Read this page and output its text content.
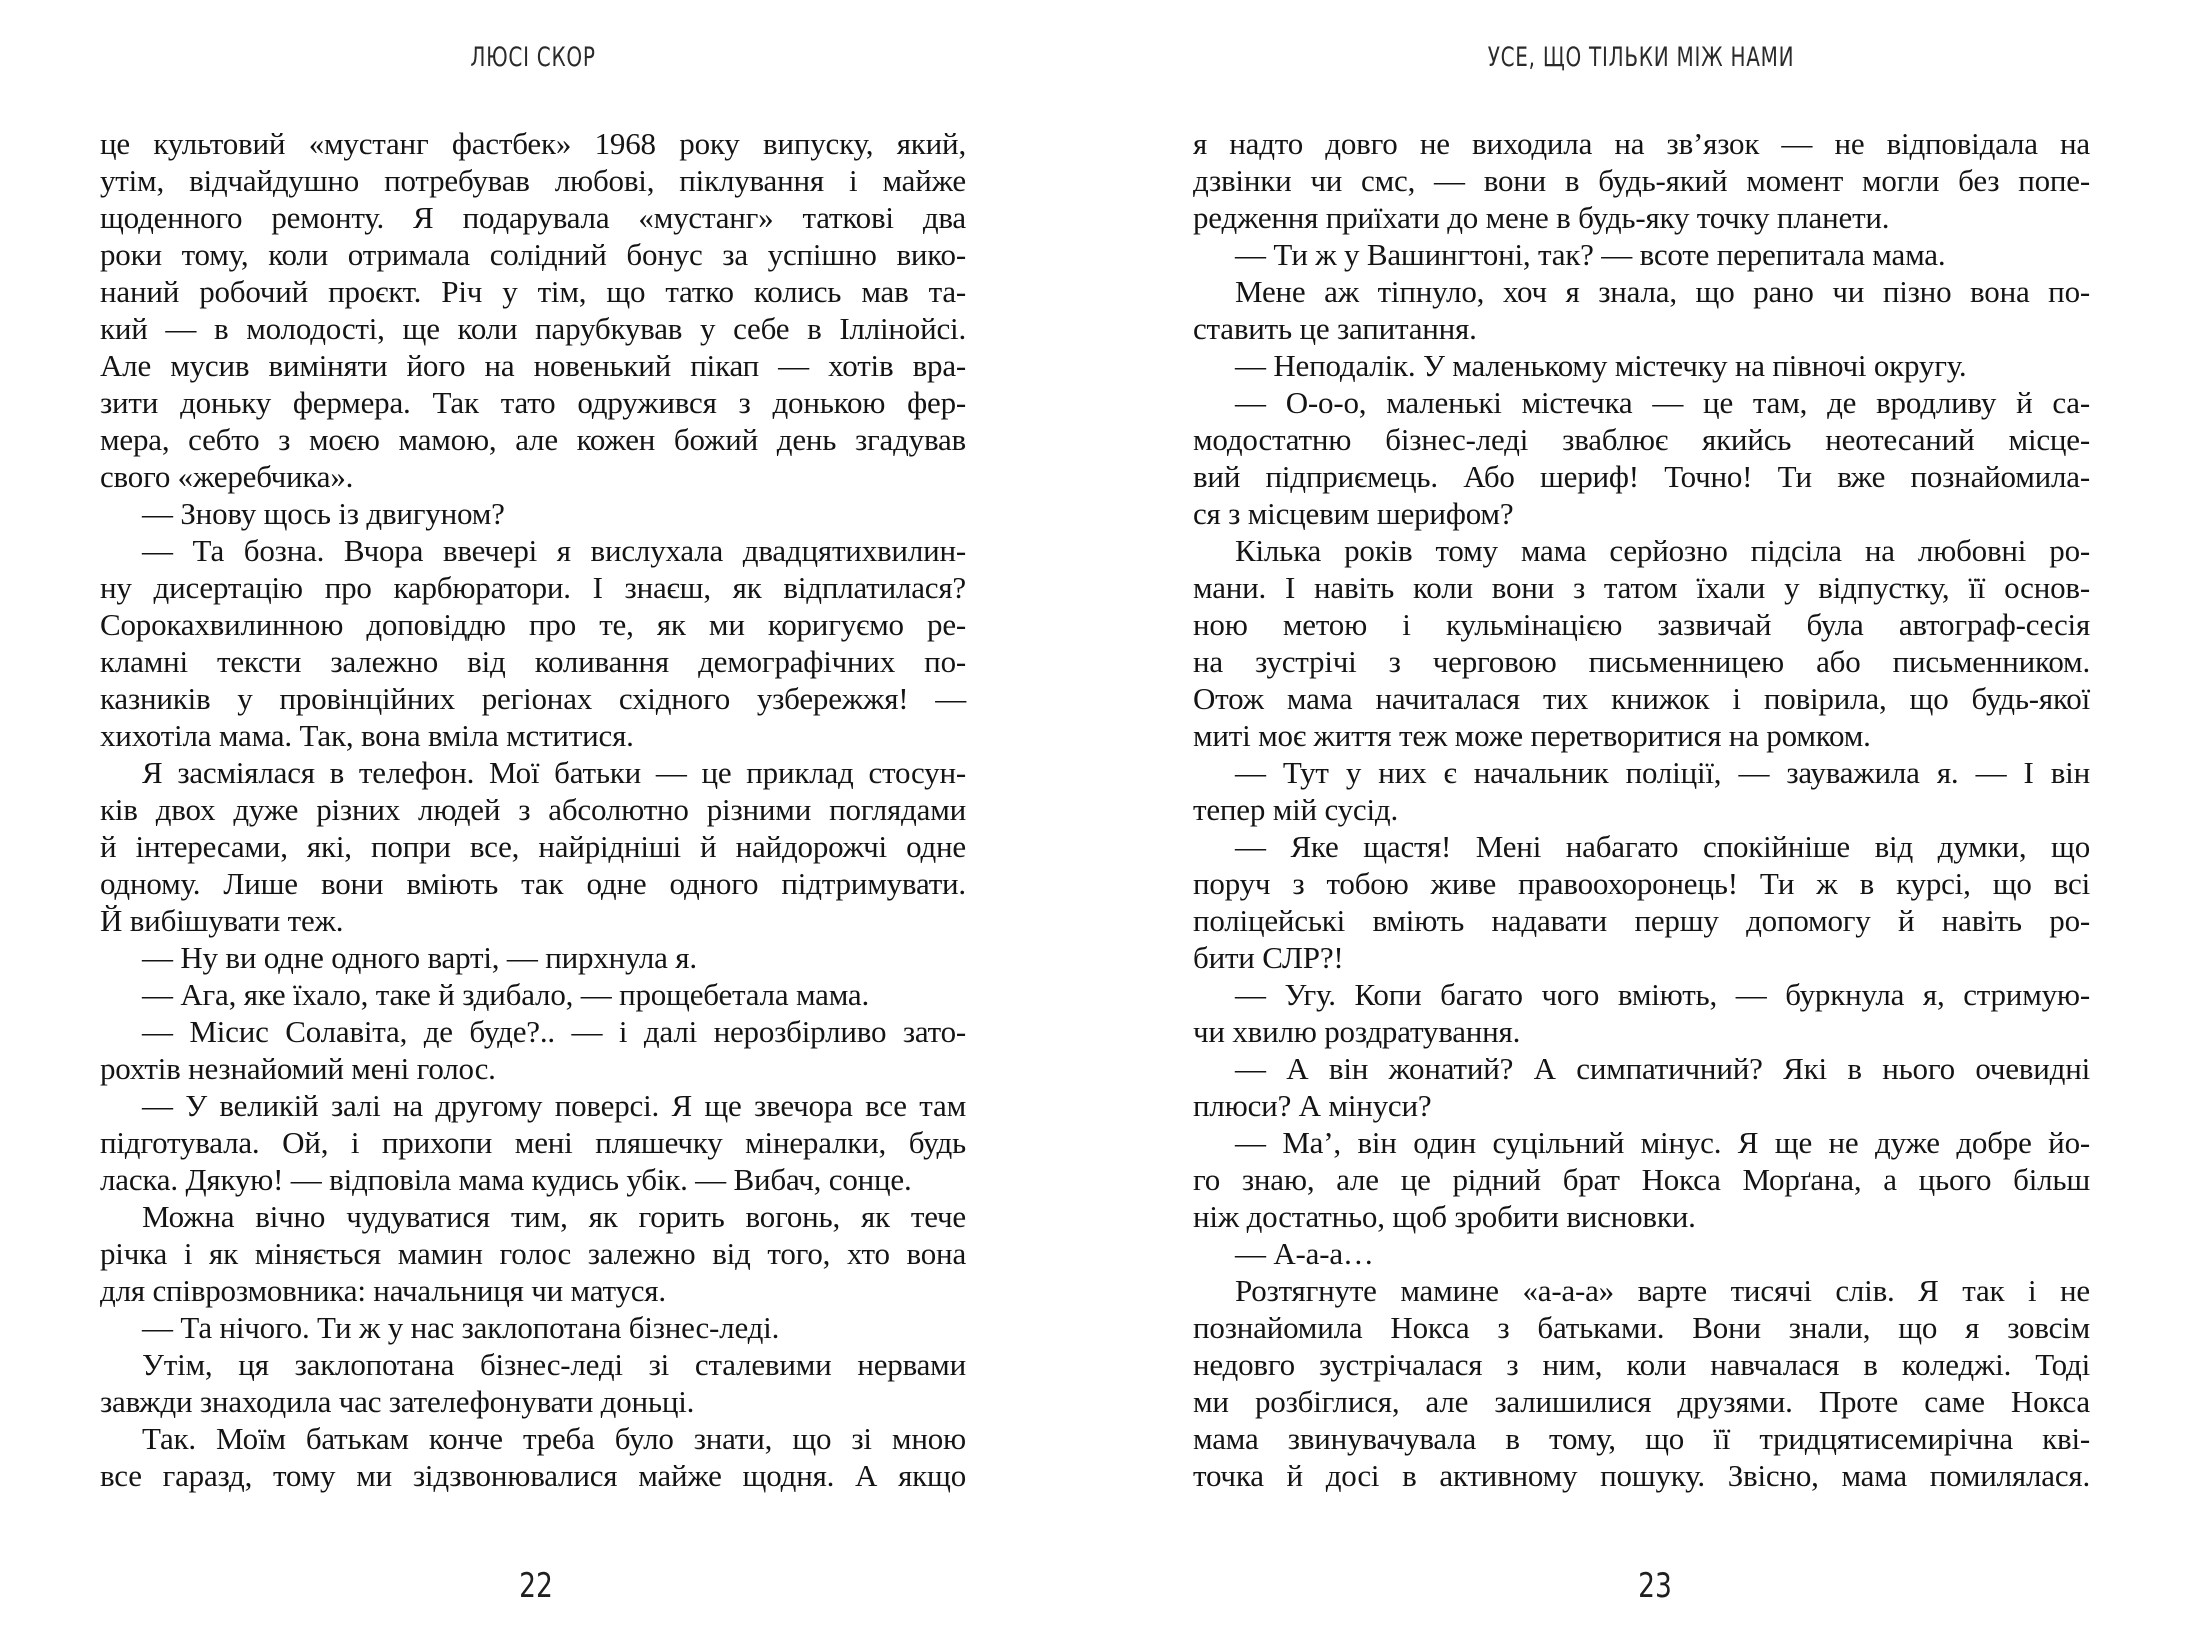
ЛЮСІ СКОР
це культовий «мустанг фастбек» 1968 року випуску, який,
утім, відчайдушно потребував любові, піклування і майже
щоденного ремонту. Я подарувала «мустанг» таткові два
роки тому, коли отримала солідний бонус за успішно вико-
наний робочий проєкт. Річ у тім, що татко колись мав та-
кий — в молодості, ще коли парубкував у себе в Іллінойсі.
Але мусив виміняти його на новенький пікап — хотів вра-
зити доньку фермера. Так тато одружився з донькою фер-
мера, себто з моєю мамою, але кожен божий день згадував
свого «жеребчика».
— Знову щось із двигуном?
— Та бозна. Вчора ввечері я вислухала двадцятихвилин-
ну дисертацію про карбюратори. І знаєш, як відплатилася?
Сорокахвилинною доповіддю про те, як ми коригуємо ре-
кламні тексти залежно від коливання демографічних по-
казників у провінційних регіонах східного узбережжя! —
хихотіла мама. Так, вона вміла мститися.
Я засміялася в телефон. Мої батьки — це приклад стосун-
ків двох дуже різних людей з абсолютно різними поглядами
й інтересами, які, попри все, найрідніші й найдорожчі одне
одному. Лише вони вміють так одне одного підтримувати.
Й вибішувати теж.
— Ну ви одне одного варті, — пирхнула я.
— Ага, яке їхало, таке й здибало, — прощебетала мама.
— Місис Солавіта, де буде?.. — і далі нерозбірливо зато-
рохтів незнайомий мені голос.
— У великій залі на другому поверсі. Я ще звечора все там
підготувала. Ой, і прихопи мені пляшечку мінералки, будь
ласка. Дякую! — відповіла мама кудись убік. — Вибач, сонце.
Можна вічно чудуватися тим, як горить вогонь, як тече
річка і як міняється мамин голос залежно від того, хто вона
для співрозмовника: начальниця чи матуся.
— Та нічого. Ти ж у нас заклопотана бізнес-леді.
Утім, ця заклопотана бізнес-леді зі сталевими нервами
завжди знаходила час зателефонувати доньці.
Так. Моїм батькам конче треба було знати, що зі мною
все гаразд, тому ми зідзвонювалися майже щодня. А якщо
22
УСЕ, ЩО ТІЛЬКИ МІЖ НАМИ
я надто довго не виходила на зв’язок — не відповідала на
дзвінки чи смс, — вони в будь-який момент могли без попе-
редження приїхати до мене в будь-яку точку планети.
— Ти ж у Вашингтоні, так? — всоте перепитала мама.
Мене аж тіпнуло, хоч я знала, що рано чи пізно вона по-
ставить це запитання.
— Неподалік. У маленькому містечку на півночі округу.
— О-о-о, маленькі містечка — це там, де вродливу й са-
модостатню бізнес-леді зваблює якийсь неотесаний місце-
вий підприємець. Або шериф! Точно! Ти вже познайомила-
ся з місцевим шерифом?
Кілька років тому мама серйозно підсіла на любовні ро-
мани. І навіть коли вони з татом їхали у відпустку, її основ-
ною метою і кульмінацією зазвичай була автограф-сесія
на зустрічі з черговою письменницею або письменником.
Отож мама начиталася тих книжок і повірила, що будь-якої
миті моє життя теж може перетворитися на ромком.
— Тут у них є начальник поліції, — зауважила я. — І він
тепер мій сусід.
— Яке щастя! Мені набагато спокійніше від думки, що
поруч з тобою живе правоохоронець! Ти ж в курсі, що всі
поліцейські вміють надавати першу допомогу й навіть ро-
бити СЛР?!
— Угу. Копи багато чого вміють, — буркнула я, стримую-
чи хвилю роздратування.
— А він жонатий? А симпатичний? Які в нього очевидні
плюси? А мінуси?
— Ма’, він один суцільний мінус. Я ще не дуже добре йо-
го знаю, але це рідний брат Нокса Морґана, а цього більш
ніж достатньо, щоб зробити висновки.
— А-а-а…
Розтягнуте мамине «а-а-а» варте тисячі слів. Я так і не
познайомила Нокса з батьками. Вони знали, що я зовсім
недовго зустрічалася з ним, коли навчалася в коледжі. Тоді
ми розбіглися, але залишилися друзями. Проте саме Нокса
мама звинувачувала в тому, що її тридцятисемирічна кві-
точка й досі в активному пошуку. Звісно, мама помилялася.
23
